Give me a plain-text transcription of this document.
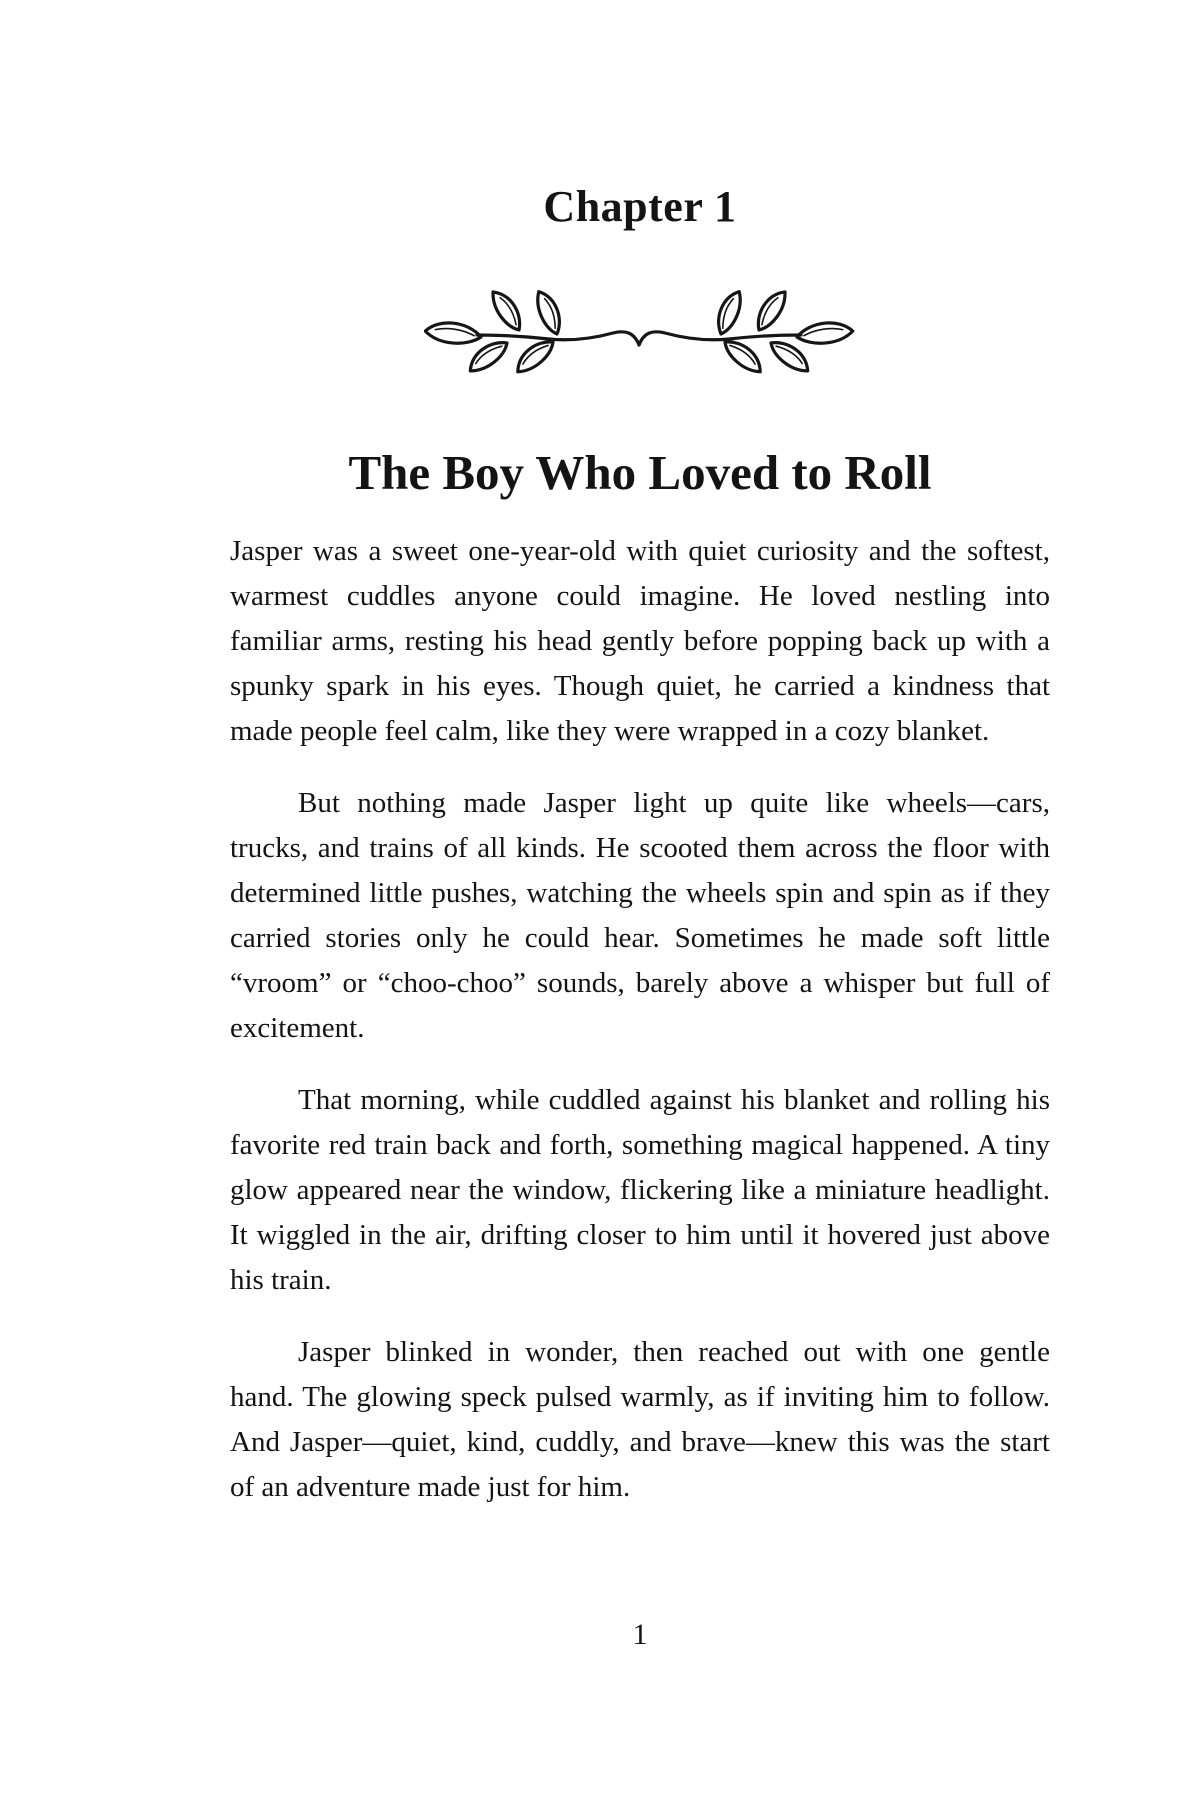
Chapter 1
The Boy Who Loved to Roll

Jasper was a sweet one-year-old with quiet curiosity and the softest, warmest cuddles anyone could imagine. He loved nestling into familiar arms, resting his head gently before popping back up with a spunky spark in his eyes. Though quiet, he carried a kindness that made people feel calm, like they were wrapped in a cozy blanket.

But nothing made Jasper light up quite like wheels—cars, trucks, and trains of all kinds. He scooted them across the floor with determined little pushes, watching the wheels spin and spin as if they carried stories only he could hear. Sometimes he made soft little “vroom” or “choo-choo” sounds, barely above a whisper but full of excitement.

That morning, while cuddled against his blanket and rolling his favorite red train back and forth, something magical happened. A tiny glow appeared near the window, flickering like a miniature headlight. It wiggled in the air, drifting closer to him until it hovered just above his train.

Jasper blinked in wonder, then reached out with one gentle hand. The glowing speck pulsed warmly, as if inviting him to follow. And Jasper—quiet, kind, cuddly, and brave—knew this was the start of an adventure made just for him.

1
